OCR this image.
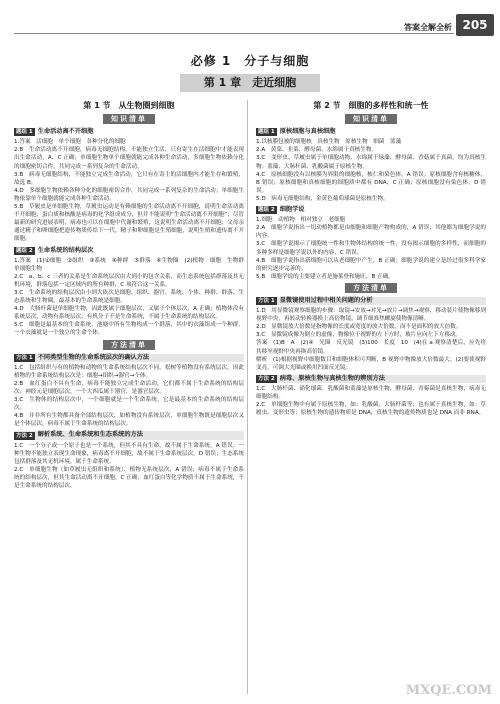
答案全解全析 205
必修 1　分子与细胞
第 1 章　走近细胞
第 1 节　从生物圈到细胞
知识清单
题组 1 生命活动离不开细胞

1.答案　活细胞　单个细胞　各种分化的细胞

2.B　生命活动离不开细胞，病毒无细胞结构，不能独立生活，只有寄生在活细胞中才能表现出生命活动，A、C 正确；单细胞生物单个细胞就能完成各种生命活动，多细胞生物依赖分化的细胞密切合作，共同完成一系列复杂的生命活动。

3.B　病毒无细胞结构，不能独立完成生命活动，它只有在寄主的活细胞内才能生存和繁殖，故选 B。

4.D　多细胞生物依赖各种分化的细胞密切合作，共同完成一系列复杂的生命活动；单细胞生物依靠单个细胞就能完成各种生命活动。

5.B　草履虫是单细胞生物，草履虫运动是有赖细胞的生命活动离不开细胞，说明生命活动离不开细胞；蛋白质和核酸是病毒的化学组成成分，但并不能说明“生命活动离不开细胞”；尽管最新的研究进展表明，病毒也可以在细胞中代谢和繁殖，这说明生命活动离不开细胞；父母亲通过精子和卵细胞把遗传物质传给下一代，精子和卵细胞是生殖细胞，说明生殖和遗传离不开细胞。

题组 2 生命系统的结构层次

1.答案　(1)①细胞　②组织　③系统　④种群　⑤群落　⑥生物圈　(2)植物　细胞　生物群　单细胞生物

2.C　a、b、c 三者的关系是生命系统层次由大到小的包含关系，而生态系统包括群落及其无机环境，群落包括一定区域内的所有种群，C 项符合这一关系。

3.C　生命系统的结构层次由小到大依次是细胞、组织、器官、系统、个体、种群、群落、生态系统和生物圈，最基本的生命系统是细胞。

4.D　大肠杆菌是单细胞生物，因此既属于细胞层次，又属于个体层次，A 正确；植物体没有系统层次，动物有系统层次；有机分子不是生命系统，不属于生命系统的结构层次。

5.C　细胞是最基本的生命系统，池塘中所有生物构成一个群落，其中的衣藻组成一个种群，一个衣藻就是一个独立的生命个体。

方法清单
方法 1 不同类型生物的生命系统层次的确认方法

1.C　包括组织与有的植物和动物的生命系统结构层次不同，松树等植物没有系统层次，因此植物的生命系统结构层次是：细胞→组织→器官→个体。

2.B　血红蛋白不具有生命，病毒不能独立完成生命活动，它们都不属于生命系统的结构层次；神经元是细胞层次，一个大西瓜属于器官，是器官层次。

3.C　生物体的结构层次中，一个细胞就是一个生命系统，它是最基本的生命系统的结构层次。

4.B　并非所有生物都具备全部结构层次，如植物没有系统层次，单细胞生物既是细胞层次又是个体层次，病毒不属于生命系统的结构层次。

方法 2 解析系统、生命系统和生态系统的方法

1.C　一个分子或一个原子也是一个系统，但其不具有生命，故不属于生命系统，A 错误；一种生物不能独立表现生命现象，病毒离不开细胞，故不属于生命系统层次，D 错误；生态系统包括群落及其无机环境，属于生命系统。

2.C　单细胞生物（如草履虫无组织和系统）、植物无系统层次，A 错误；病毒不属于生命系统的结构层次，但其生命活动离不开细胞，C 正确；血红蛋白等化学物质不属于生命系统，不是生命系统的结构层次。

第 2 节　细胞的多样性和统一性
知识清单
题组 1 原核细胞与真核细胞

1.以核膜包被的细胞核　真核生物　原核生物　细菌　蓝藻

2.A　黄菜、韭菜、酵母菌、水绵属于真核生物。

3.C　变形虫、草履虫属于单细胞动物、水绵属于绿藻、酵母菌、香菇属于真菌，均为真核生物；蓝藻、大肠杆菌、乳酸菌属于原核生物。

4.C　原核细胞没有以核膜为界限的细胞核，核仁和染色体，A 错误；原核细胞含有核糖体，B 错误；原核细胞和真核细胞的细胞质中都有 DNA，C 正确；原核细胞没有染色体，D 错误。

5.D　病毒无细胞结构，金黄色葡萄球菌是原核生物。

题组 2 细胞学说

1.细胞　动植物　相对独立　老细胞

2.A　细胞学说指出一切动植物都是由细胞和细胞产物构成的，A 错误；其他都为细胞学说的内容。

3.C　细胞学说揭示了细胞统一性和生物体结构的统一性，没有揭示细胞的多样性，而细胞的多种多样是细胞学说以外的内容，C 错误。

4.B　细胞学说指出新细胞可以从老细胞中产生，B 正确；细胞学说的建立是经过很多科学家的研究逐步完善的。

5.B　细胞学说的主要建立者是施莱登和施旺，B 正确。

方法清单
方法 1 显微镜使用过程中相关问题的分析

1.D　用显微镜观察细胞的步骤：取镜→安放→对光→放片→调焦→观察，移动装片使物像移到视野中央，再转动转换器换上高倍物镜，调节细准焦螺旋使物像清晰。

2.D　显微镜放大倍数是指物像的长度或宽度的放大倍数，而不是面积的放大倍数。

3.C　显微镜成像为倒立的虚像，物像位于视野的左下方时，玻片应向左下方移动。

答案　(1)B　A　(2)④　光圈　反光镜　(3)100　长度　10　(4)在 a 观察清楚后，应先将其移至视野中央再换高倍镜。

解析　(1)根据视野中细胞数目和细胞体积可判断，B 视野中物像放大倍数最大。(2)要使视野变亮，可调大光圈或换用凹面反光镜。

方法 2 病毒、原核生物与真核生物的辨别方法

1.C　大肠杆菌、硝化细菌、乳酸菌和蓝藻是原核生物，酵母菌、青霉菌是真核生物，病毒无细胞结构。

2.C　单细胞生物中有属于原核生物，如：乳酸菌、大肠杆菌等；也有属于真核生物，如：草履虫、变形虫等；原核生物的遗传物质是 DNA，真核生物的遗传物质也是 DNA 而非 RNA。

MXQE.COM
